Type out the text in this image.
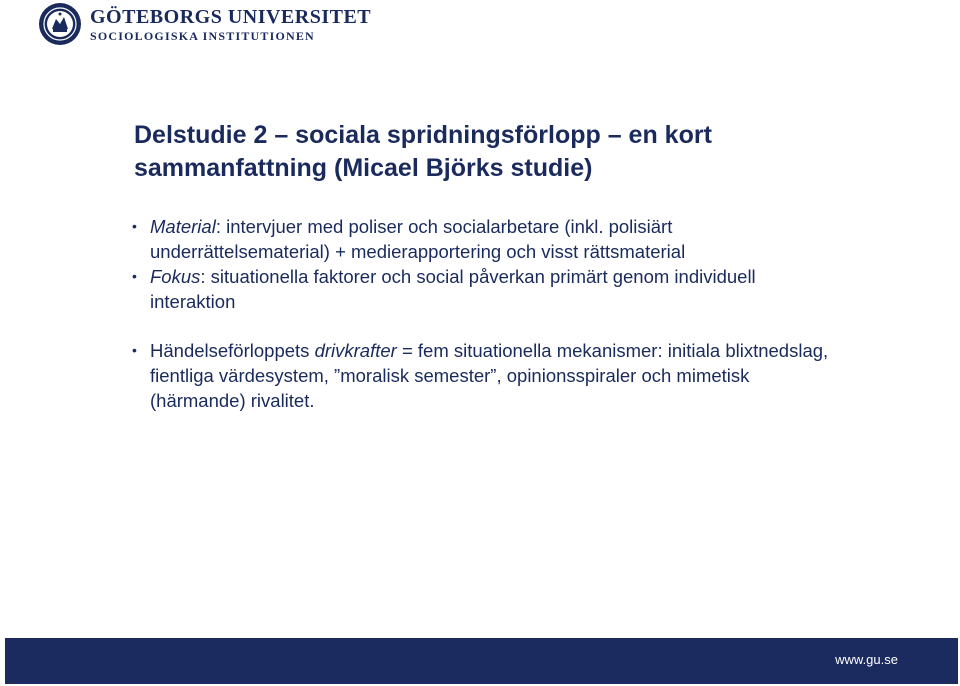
GÖTEBORGS UNIVERSITET
SOCIOLOGISKA INSTITUTIONEN
Delstudie 2 – sociala spridningsförlopp – en kort sammanfattning (Micael Björks studie)
• Material: intervjuer med poliser och socialarbetare (inkl. polisiärt underrättelsematerial) + medierapportering och visst rättsmaterial
• Fokus: situationella faktorer och social påverkan primärt genom individuell interaktion
• Händelseförloppets drivkrafter = fem situationella mekanismer: initiala blixtnedslag, fientliga värdesystem, ”moralisk semester”, opinionsspiraler och mimetisk (härmande) rivalitet.
www.gu.se
